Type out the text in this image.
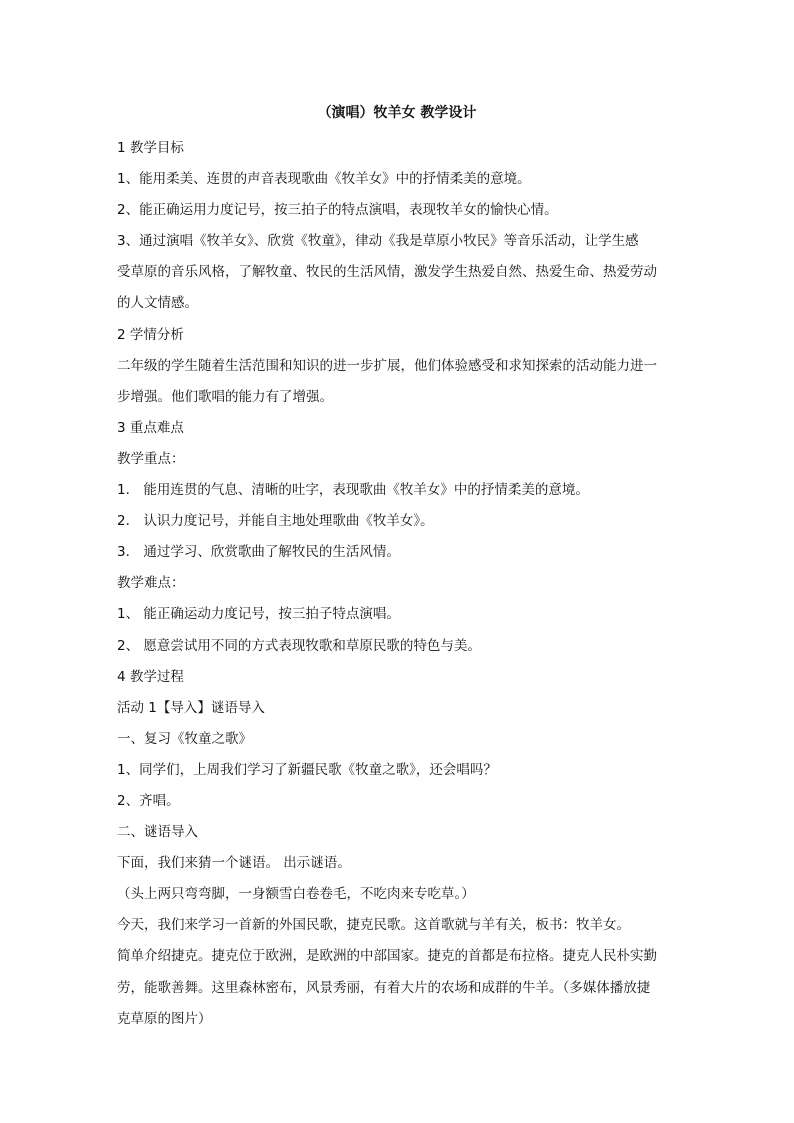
（演唱）牧羊女 教学设计
1 教学目标
1、能用柔美、连贯的声音表现歌曲《牧羊女》中的抒情柔美的意境。
2、能正确运用力度记号，按三拍子的特点演唱，表现牧羊女的愉快心情。
3、通过演唱《牧羊女》、欣赏《牧童》，律动《我是草原小牧民》等音乐活动，让学生感
受草原的音乐风格，了解牧童、牧民的生活风情，激发学生热爱自然、热爱生命、热爱劳动
的人文情感。
2 学情分析
二年级的学生随着生活范围和知识的进一步扩展，他们体验感受和求知探索的活动能力进一
步增强。他们歌唱的能力有了增强。
3 重点难点
教学重点：
1． 能用连贯的气息、清晰的吐字，表现歌曲《牧羊女》中的抒情柔美的意境。
2． 认识力度记号，并能自主地处理歌曲《牧羊女》。
3． 通过学习、欣赏歌曲了解牧民的生活风情。
教学难点：
1、 能正确运动力度记号，按三拍子特点演唱。
2、 愿意尝试用不同的方式表现牧歌和草原民歌的特色与美。
4 教学过程
活动 1【导入】谜语导入
一、复习《牧童之歌》
1、同学们，上周我们学习了新疆民歌《牧童之歌》，还会唱吗？
2、齐唱。
二、谜语导入
下面，我们来猜一个谜语。 出示谜语。
（头上两只弯弯脚，一身额雪白卷卷毛，不吃肉来专吃草。）
今天，我们来学习一首新的外国民歌，捷克民歌。这首歌就与羊有关，板书：牧羊女。
简单介绍捷克。捷克位于欧洲，是欧洲的中部国家。捷克的首都是布拉格。捷克人民朴实勤
劳，能歌善舞。这里森林密布，风景秀丽，有着大片的农场和成群的牛羊。（多媒体播放捷
克草原的图片）
